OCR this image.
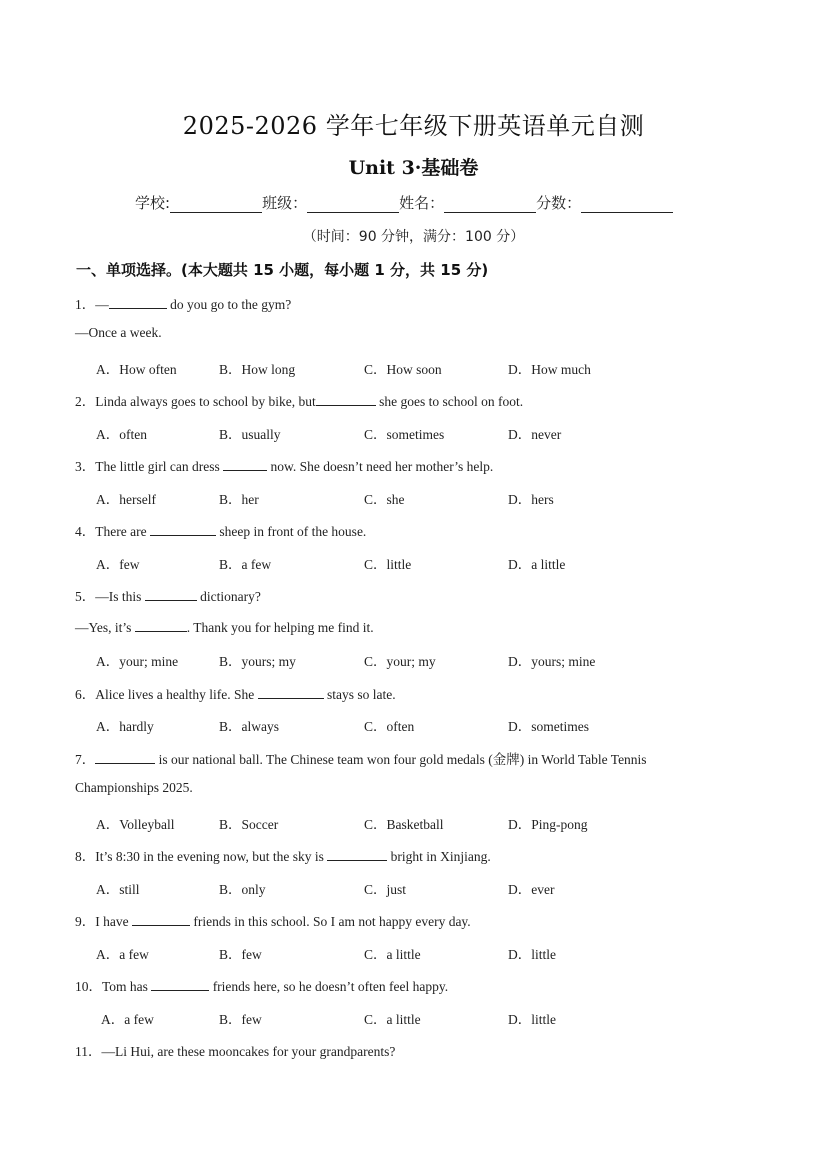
2025-2026 学年七年级下册英语单元自测
Unit 3·基础卷
学校:	班级：	姓名：	分数：
（时间：90 分钟，满分：100 分）
一、单项选择。(本大题共 15 小题，每小题 1 分，共 15 分)
1．—	do you go to the gym?
—Once a week.
A．How often	B．How long	C．How soon	D．How much
2．Linda always goes to school by bike, but	she goes to school on foot.
A．often	B．usually	C．sometimes	D．never
3．The little girl can dress	now. She doesn’t need her mother’s help.
A．herself	B．her	C．she	D．hers
4．There are	sheep in front of the house.
A．few	B．a few	C．little	D．a little
5．—Is this	dictionary?
—Yes, it’s	. Thank you for helping me find it.
A．your; mine	B．yours; my	C．your; my	D．yours; mine
6．Alice lives a healthy life. She	stays so late.
A．hardly	B．always	C．often	D．sometimes
7．	is our national ball. The Chinese team won four gold medals (金牌) in World Table Tennis
Championships 2025.
A．Volleyball	B．Soccer	C．Basketball	D．Ping-pong
8．It’s 8:30 in the evening now, but the sky is	bright in Xinjiang.
A．still	B．only	C．just	D．ever
9．I have	friends in this school. So I am not happy every day.
A．a few	B．few	C．a little	D．little
10．Tom has	friends here, so he doesn’t often feel happy.
A．a few	B．few	C．a little	D．little
11．—Li Hui, are these mooncakes for your grandparents?
